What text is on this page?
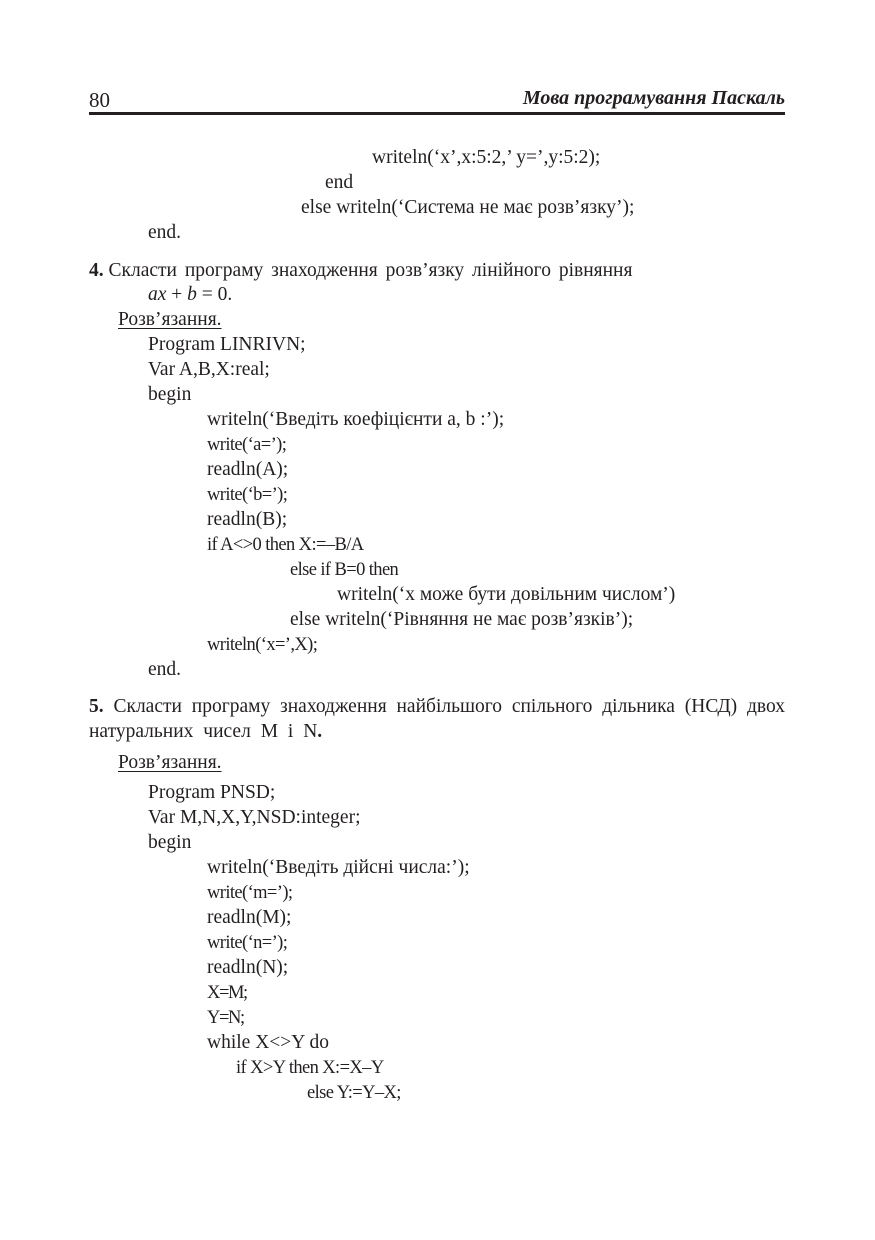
80	Мова програмування Паскаль
writeln(‘x’,x:5:2,’ y=’,y:5:2);
end
else writeln(‘Система не має розв’язку’);
end.
4. Скласти програму знаходження розв’язку лінійного рівняння
ax + b = 0.
Розв’язання.
Program LINRIVN;
Var A,B,X:real;
begin
writeln(‘Введіть коефіцієнти a, b :’);
write(‘a=’);
readln(A);
write(‘b=’);
readln(B);
if A<>0 then X:=–B/A
else if B=0 then
writeln(‘x може бути довільним числом’)
else writeln(‘Рівняння не має розв’язків’);
writeln(‘x=’,X);
end.
5. Скласти програму знаходження найбільшого спільного дільника (НСД) двох
натуральних чисел M і N.
Розв’язання.
Program PNSD;
Var M,N,X,Y,NSD:integer;
begin
writeln(‘Введіть дійсні числа:’);
write(‘m=’);
readln(M);
write(‘n=’);
readln(N);
X=M;
Y=N;
while X<>Y do
if X>Y then X:=X–Y
else Y:=Y–X;
